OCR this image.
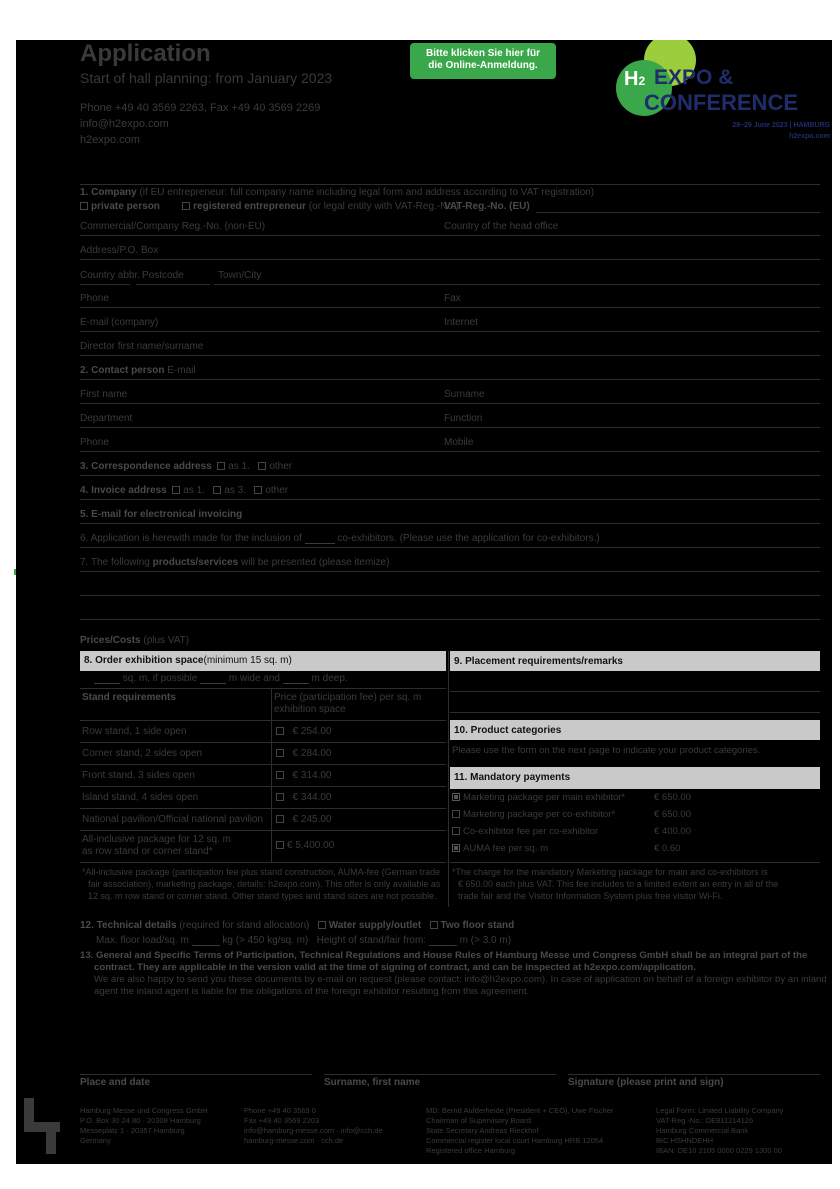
Application
Start of hall planning: from January 2023
Phone +49 40 3569 2263, Fax +49 40 3569 2269
info@h2expo.com
h2expo.com
Bitte klicken Sie hier für
die Online-Anmeldung.
H2 EXPO &
CONFERENCE
28–29 June 2023 | HAMBURG
h2expo.com
1. Company (if EU entrepreneur: full company name including legal form and address according to VAT registration)
private person	registered entrepreneur (or legal entity with VAT-Reg.-No.)
VAT-Reg.-No. (EU)
Commercial/Company Reg.-No. (non-EU)	Country of the head office
Address/P.O. Box
Country abbr. Postcode	Town/City
Phone	Fax
E-mail (company)	Internet
Director first name/surname
2. Contact person E-mail
First name	Surname
Department	Function
Phone	Mobile
3. Correspondence address as 1. other
4. Invoice address as 1. as 3. other
5. E-mail for electronical invoicing
6. Application is herewith made for the inclusion of	co-exhibitors. (Please use the application for co-exhibitors.)
7. The following products/services will be presented (please itemize)
Prices/Costs (plus VAT)
8. Order exhibition space(minimum 15 sq. m)
sq. m, if possible	m wide and	m deep.
Stand requirements	Price (participation fee) per sq. m exhibition space
Row stand, 1 side open	€ 254.00
Corner stand, 2 sides open	€ 284.00
Front stand, 3 sides open	€ 314.00
Island stand, 4 sides open	€ 344.00
National pavilion/Official national pavilion	€ 245.00
All-inclusive package for 12 sq. m
as row stand or corner stand*
€ 5,400.00
*All-inclusive package (participation fee plus stand construction, AUMA-fee (German trade
fair association), marketing package, details: h2expo.com). This offer is only available as
12 sq. m row stand or corner stand. Other stand types and stand sizes are not possible.
9. Placement requirements/remarks
10. Product categories
Please use the form on the next page to indicate your product categories.
11. Mandatory payments
Marketing package per main exhibitor*	€ 650.00
Marketing package per co-exhibitor*	€ 650.00
Co-exhibitor fee per co-exhibitor	€ 400.00
AUMA fee per sq. m	€ 0.60
*The charge for the mandatory Marketing package for main and co-exhibitors is
€ 650.00 each plus VAT. This fee includes to a limited extent an entry in all of the
trade fair and the Visitor Information System plus free visitor Wi-Fi.
12. Technical details (required for stand allocation) Water supply/outlet Two floor stand
Max. floor load/sq. m	kg (> 450 kg/sq. m) Height of stand/fair from:	m (> 3.0 m)
13. General and Specific Terms of Participation, Technical Regulations and House Rules of Hamburg Messe und Congress GmbH shall be an integral part of the
contract. They are applicable in the version valid at the time of signing of contract, and can be inspected at h2expo.com/application.
We are also happy to send you these documents by e-mail on request (please contact: info@h2expo.com). In case of application on behalf of a foreign exhibitor by an inland
agent the inland agent is liable for the obligations of the foreign exhibitor resulting from this agreement.
Place and date	Surname, first name	Signature (please print and sign)
Hamburg Messe und Congress GmbH
P.O. Box 30 24 80 · 20308 Hamburg
Messeplatz 1 · 20357 Hamburg
Germany
Phone +49 40 3569 0
Fax +49 40 3569 2203
info@hamburg-messe.com · info@cch.de
hamburg-messe.com · cch.de
MD: Bernd Aufderheide (President + CEO), Uwe Fischer
Chairman of Supervisory Board:
State Secretary Andreas Rieckhof
Commercial register local court Hamburg HRB 12054
Registered office Hamburg
Legal Form: Limited Liability Company
VAT-Reg.-No.: DE811214126
Hamburg Commercial Bank
BIC HSHNDEHH
IBAN: DE10 2105 0000 0229 1300 00
